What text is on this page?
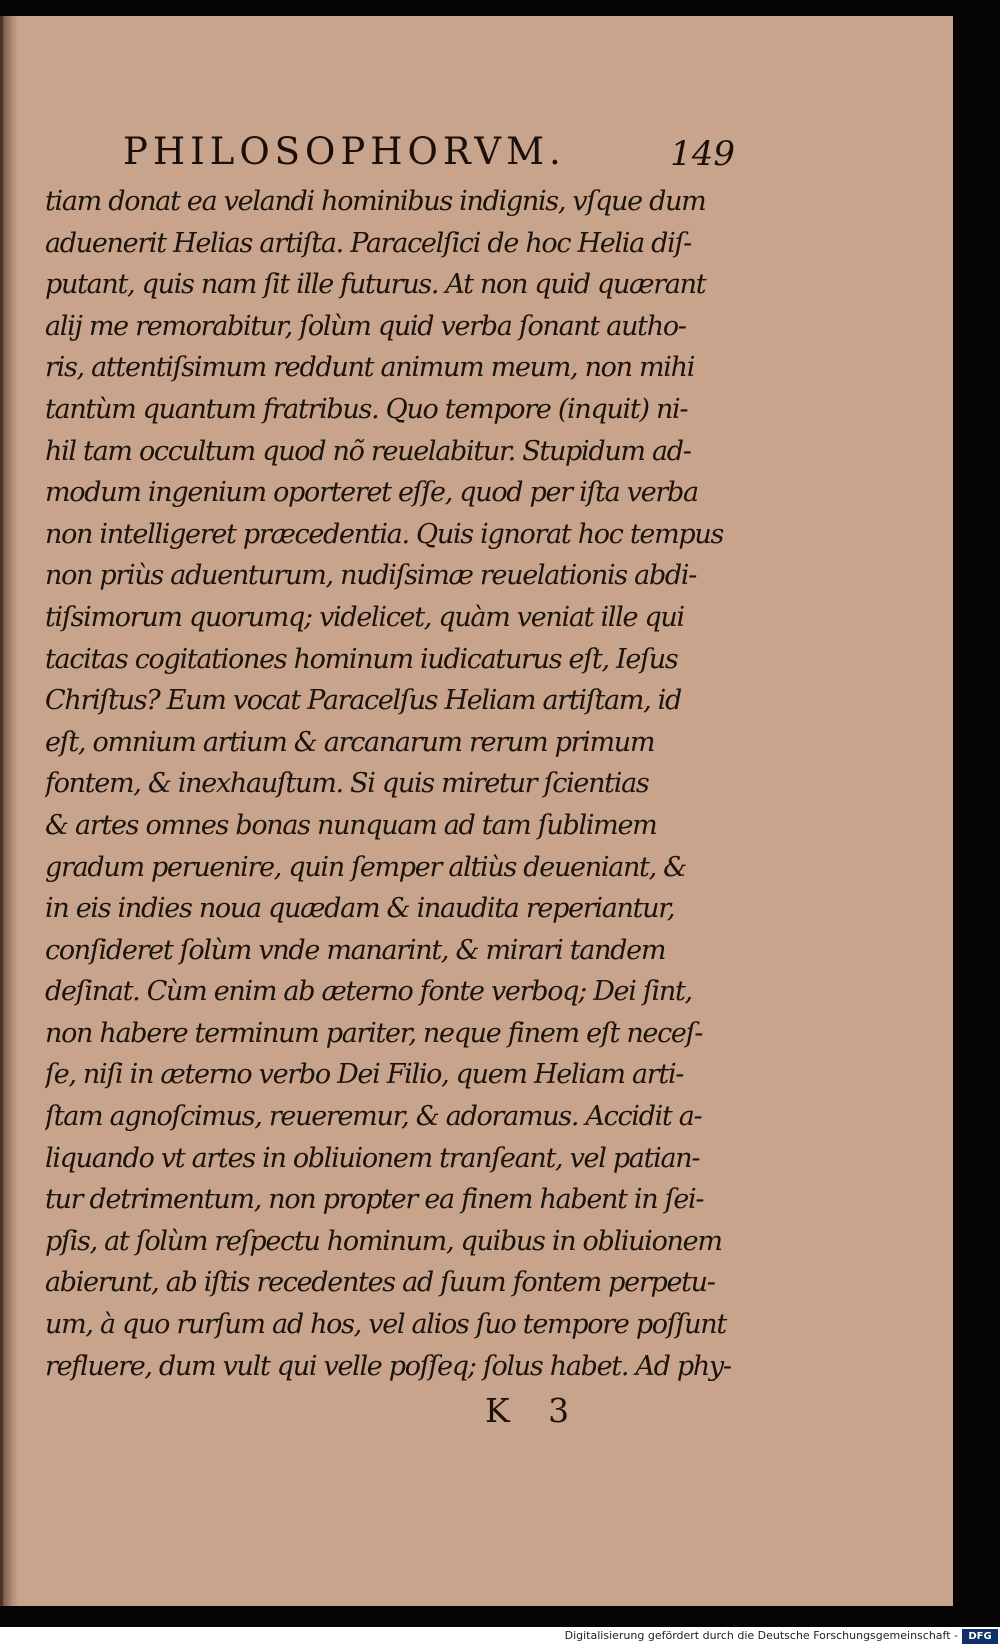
PHILOSOPHORVM.	149
tiam donat ea velandi hominibus indignis, vſque dum
aduenerit Helias artiſta. Paracelſici de hoc Helia diſ-
putant, quis nam ſit ille futurus. At non quid quærant
alij me remorabitur, ſolùm quid verba ſonant autho-
ris, attentiſsimum reddunt animum meum, non mihi
tantùm quantum fratribus. Quo tempore (inquit) ni-
hil tam occultum quod nõ reuelabitur. Stupidum ad-
modum ingenium oporteret eſſe, quod per iſta verba
non intelligeret præcedentia. Quis ignorat hoc tempus
non priùs aduenturum, nudiſsimæ reuelationis abdi-
tiſsimorum quorumq; videlicet, quàm veniat ille qui
tacitas cogitationes hominum iudicaturus eſt, Ieſus
Chriſtus? Eum vocat Paracelſus Heliam artiſtam, id
eſt, omnium artium & arcanarum rerum primum
fontem, & inexhauſtum. Si quis miretur ſcientias
& artes omnes bonas nunquam ad tam ſublimem
gradum peruenire, quin ſemper altiùs deueniant, &
in eis indies noua quædam & inaudita reperiantur,
conſideret ſolùm vnde manarint, & mirari tandem
deſinat. Cùm enim ab æterno fonte verboq; Dei ſint,
non habere terminum pariter, neque finem eſt neceſ-
ſe, niſi in æterno verbo Dei Filio, quem Heliam arti-
ſtam agnoſcimus, reueremur, & adoramus. Accidit a-
liquando vt artes in obliuionem tranſeant, vel patian-
tur detrimentum, non propter ea finem habent in ſei-
pſis, at ſolùm reſpectu hominum, quibus in obliuionem
abierunt, ab iſtis recedentes ad ſuum fontem perpetu-
um, à quo rurſum ad hos, vel alios ſuo tempore poſſunt
refluere, dum vult qui velle poſſeq; ſolus habet. Ad phy-
K 3
Digitalisierung gefördert durch die Deutsche Forschungsgemeinschaft -	DFG
